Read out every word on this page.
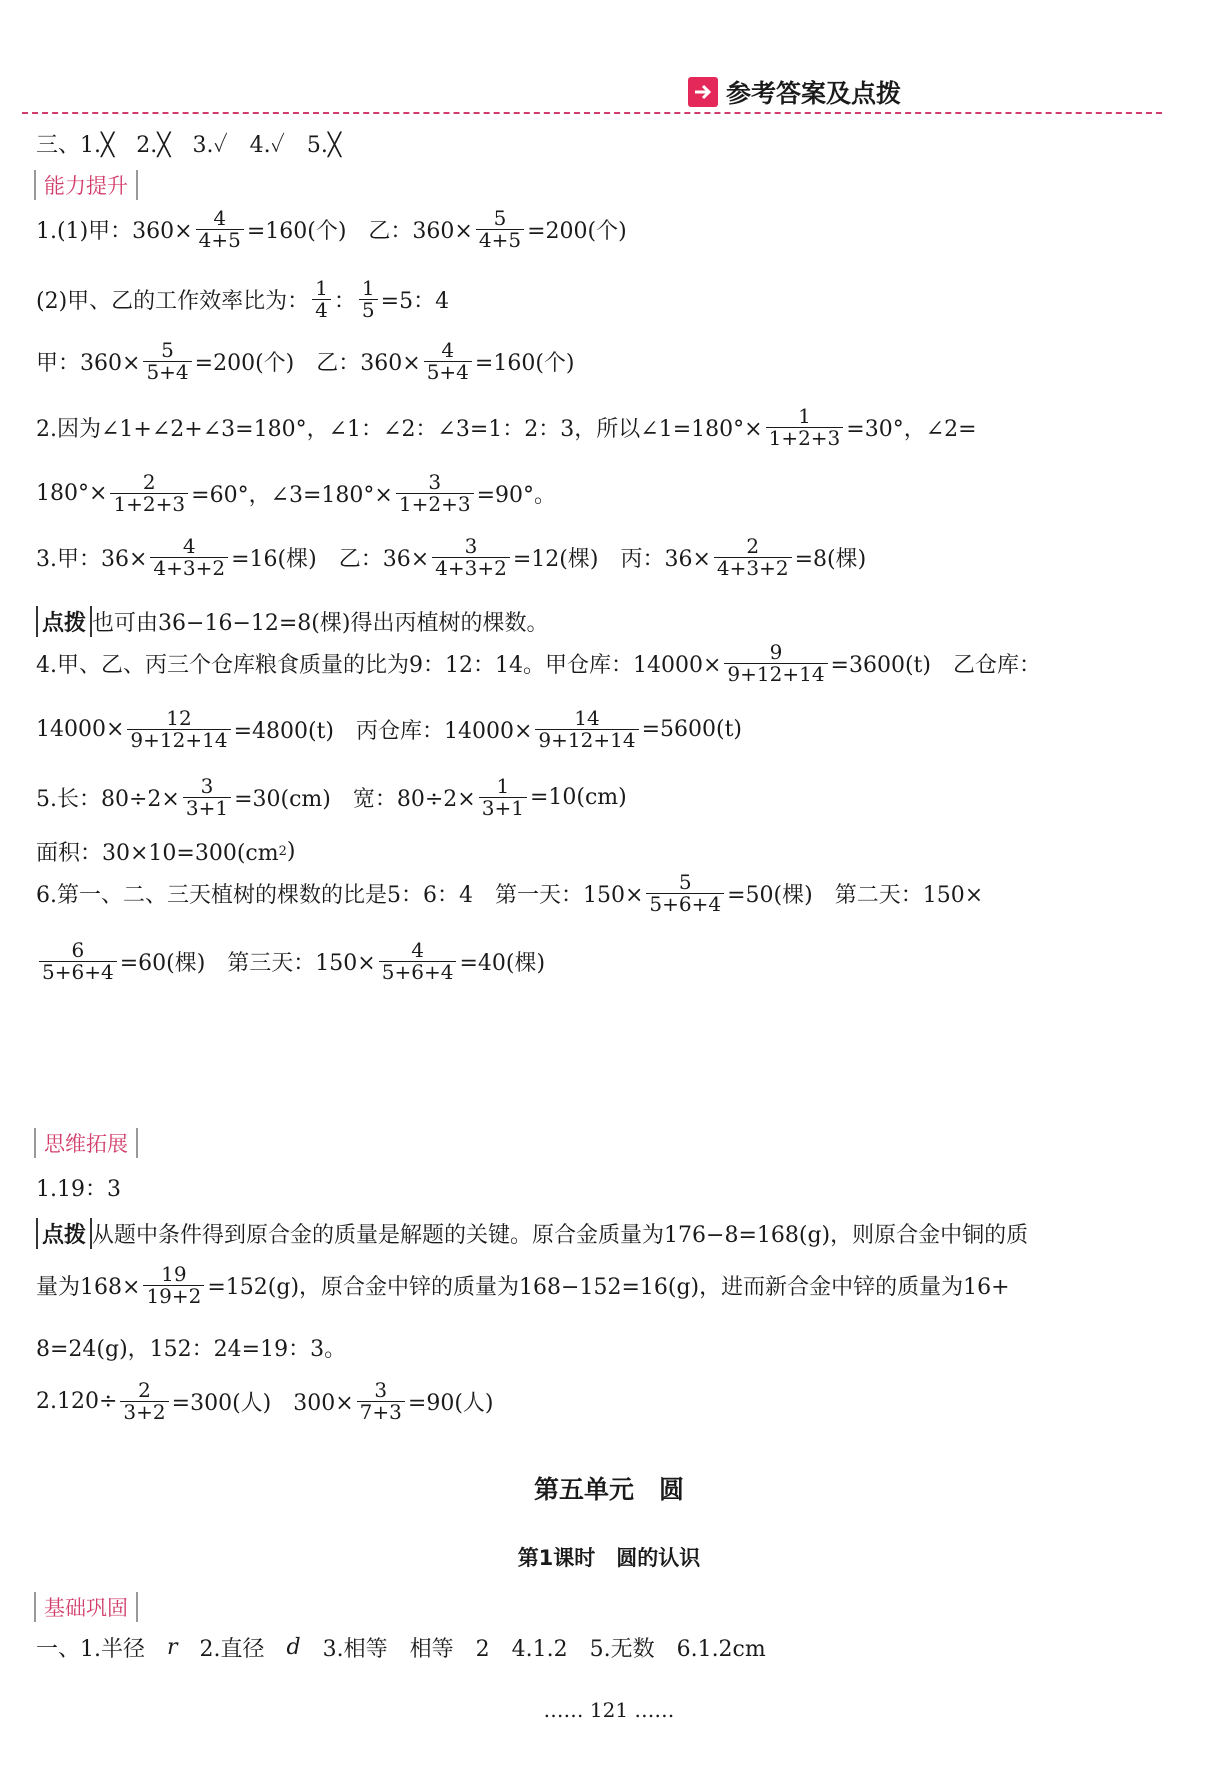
参考答案及点拨
三、1.╳　2.╳　3.✓　4.✓　5.╳
能力提升
1.(1)甲：$360\times \frac{4}{4+5} =160$(个)　乙：$360\times \frac{5}{4+5} =200$(个)
(2)甲、乙的工作效率比为： $\frac{1}{4}$ ： $\frac{1}{5} =5$：4
甲：$360\times \frac{5}{5+4} =200$(个)　乙：$360\times \frac{4}{5+4} =160$(个)
2.因为∠1+∠2+∠3=180°，∠1：∠2：∠3=1：2：3，所以∠1=180°× $\frac{1}{1+2+3} =30^\circ$，∠2=
$180^\circ\times \frac{2}{1+2+3} =60^\circ$，∠3=180°× $\frac{3}{1+2+3} =90^\circ$。
3.甲：$36\times \frac{4}{4+3+2} =16$(棵)　乙：$36\times \frac{3}{4+3+2} =12$(棵)　丙：$36\times \frac{2}{4+3+2} =8$(棵)
点拨 也可由36−16−12=8(棵)得出丙植树的棵数。
4.甲、乙、丙三个仓库粮食质量的比为9：12：14。甲仓库：$14000\times \frac{9}{9+12+14} =3600(t)$　乙仓库：
$14000\times \frac{12}{9+12+14} =4800(t)$　丙仓库：$14000\times \frac{14}{9+12+14} =5600(t)$
5.长：$80\div 2\times \frac{3}{3+1} =30(cm)$　宽：$80\div 2\times \frac{1}{3+1} =10(cm)$
面积：30×10=300(cm 2 )
6.第一、二、三天植树的棵数的比是5：6：4　第一天：$150\times \frac{5}{5+6+4} =50$(棵)　第二天：150×
$\frac{6}{5+6+4} =60$(棵)　第三天：$150\times \frac{4}{5+6+4} =40$(棵)
思维拓展
1.19：3
点拨 从题中条件得到原合金的质量是解题的关键。原合金质量为176−8=168(g)，则原合金中铜的质
量为$168\times \frac{19}{19+2} =152(g)$，原合金中锌的质量为168−152=16(g)，进而新合金中锌的质量为16+
8=24(g)，152：24=19：3。
$2.120\div \frac{2}{3+2} =300$(人)　$300\times \frac{3}{7+3} =90$(人)
第五单元　圆
第1课时　圆的认识
基础巩固
一、1.半径　 r 　2.直径　 d 　3.相等　相等　2　4.1.2　5.无数　6.1.2cm
…… 121 ……
